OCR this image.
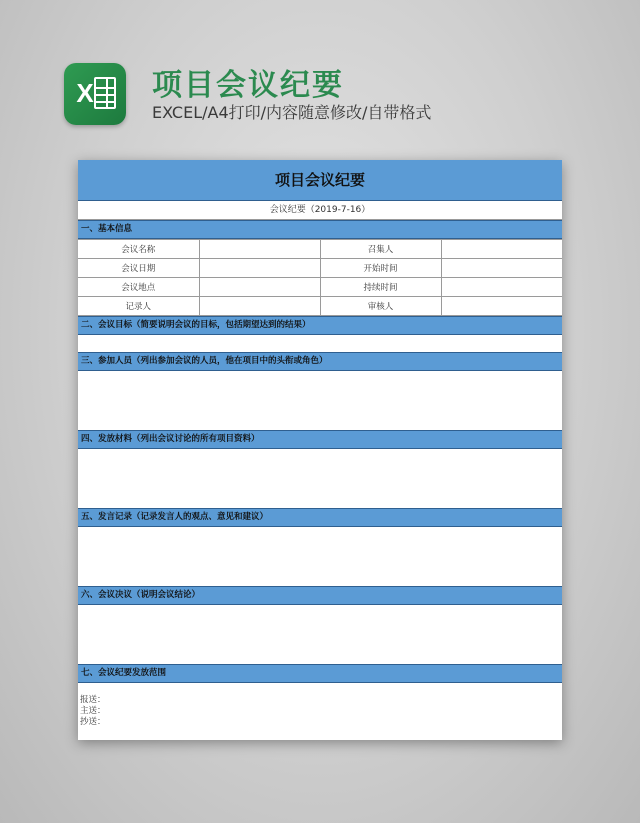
X 项目会议纪要
EXCEL/A4打印/内容随意修改/自带格式
项目会议纪要
会议纪要（2019-7-16）
一、基本信息
会议名称		召集人	
会议日期		开始时间	
会议地点		持续时间	
记录人		审核人	
二、会议目标（简要说明会议的目标，包括期望达到的结果）
三、参加人员（列出参加会议的人员，他在项目中的头衔或角色）
四、发放材料（列出会议讨论的所有项目资料）
五、发言记录（记录发言人的观点、意见和建议）
六、会议决议（说明会议结论）
七、会议纪要发放范围
报送：
主送：
抄送：
